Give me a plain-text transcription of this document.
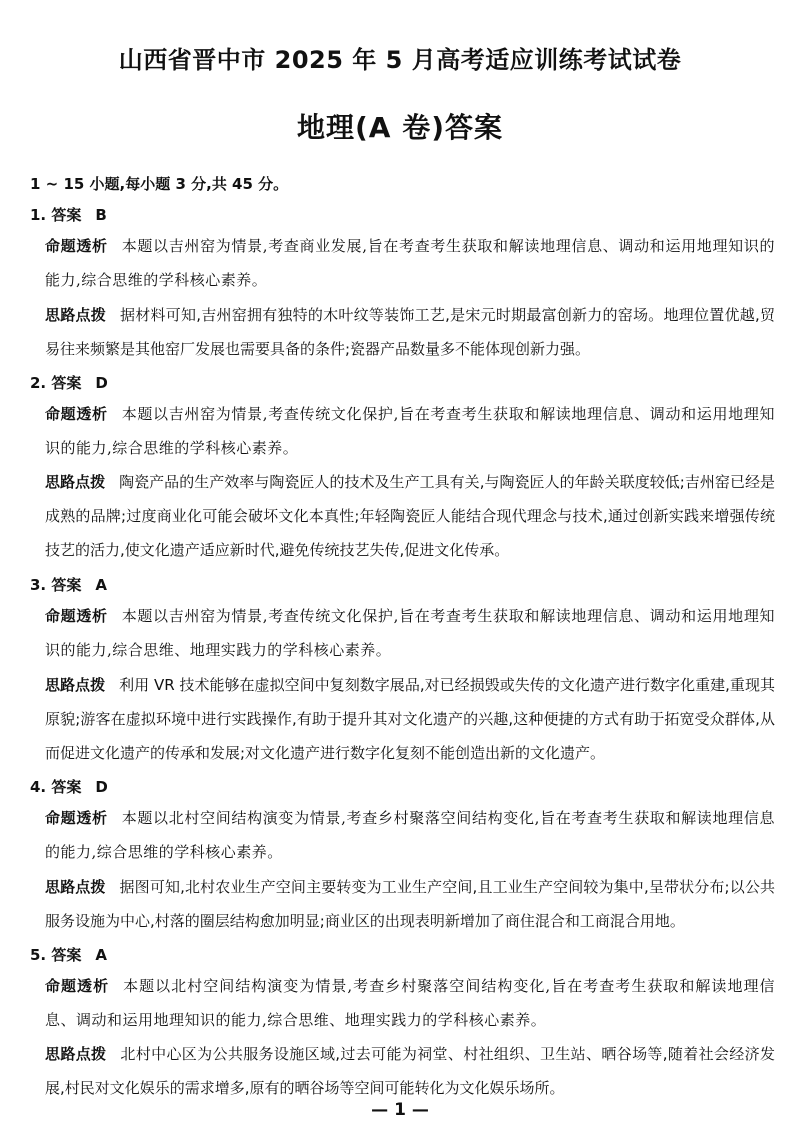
山西省晋中市 2025 年 5 月高考适应训练考试试卷
地理(A 卷)答案
1 ~ 15 小题,每小题 3 分,共 45 分。
1. 答案 B
命题透析 本题以吉州窑为情景,考查商业发展,旨在考查考生获取和解读地理信息、调动和运用地理知识的能力,综合思维的学科核心素养。
思路点拨 据材料可知,吉州窑拥有独特的木叶纹等装饰工艺,是宋元时期最富创新力的窑场。地理位置优越,贸易往来频繁是其他窑厂发展也需要具备的条件;瓷器产品数量多不能体现创新力强。
2. 答案 D
命题透析 本题以吉州窑为情景,考查传统文化保护,旨在考查考生获取和解读地理信息、调动和运用地理知识的能力,综合思维的学科核心素养。
思路点拨 陶瓷产品的生产效率与陶瓷匠人的技术及生产工具有关,与陶瓷匠人的年龄关联度较低;吉州窑已经是成熟的品牌;过度商业化可能会破坏文化本真性;年轻陶瓷匠人能结合现代理念与技术,通过创新实践来增强传统技艺的活力,使文化遗产适应新时代,避免传统技艺失传,促进文化传承。
3. 答案 A
命题透析 本题以吉州窑为情景,考查传统文化保护,旨在考查考生获取和解读地理信息、调动和运用地理知识的能力,综合思维、地理实践力的学科核心素养。
思路点拨 利用 VR 技术能够在虚拟空间中复刻数字展品,对已经损毁或失传的文化遗产进行数字化重建,重现其原貌;游客在虚拟环境中进行实践操作,有助于提升其对文化遗产的兴趣,这种便捷的方式有助于拓宽受众群体,从而促进文化遗产的传承和发展;对文化遗产进行数字化复刻不能创造出新的文化遗产。
4. 答案 D
命题透析 本题以北村空间结构演变为情景,考查乡村聚落空间结构变化,旨在考查考生获取和解读地理信息的能力,综合思维的学科核心素养。
思路点拨 据图可知,北村农业生产空间主要转变为工业生产空间,且工业生产空间较为集中,呈带状分布;以公共服务设施为中心,村落的圈层结构愈加明显;商业区的出现表明新增加了商住混合和工商混合用地。
5. 答案 A
命题透析 本题以北村空间结构演变为情景,考查乡村聚落空间结构变化,旨在考查考生获取和解读地理信息、调动和运用地理知识的能力,综合思维、地理实践力的学科核心素养。
思路点拨 北村中心区为公共服务设施区域,过去可能为祠堂、村社组织、卫生站、晒谷场等,随着社会经济发展,村民对文化娱乐的需求增多,原有的晒谷场等空间可能转化为文化娱乐场所。
— 1 —
